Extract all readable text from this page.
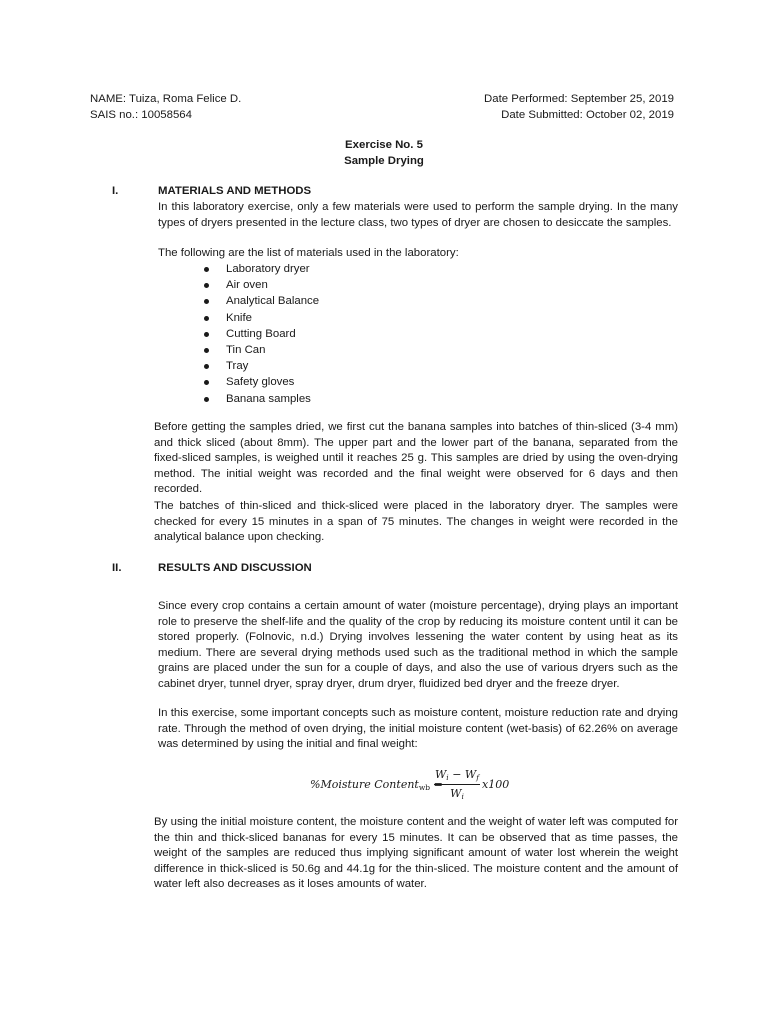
NAME: Tuiza, Roma Felice D.
SAIS no.: 10058564
Date Performed: September 25, 2019
Date Submitted: October 02, 2019
Exercise No. 5
Sample Drying
I.	MATERIALS AND METHODS

In this laboratory exercise, only a few materials were used to perform the sample drying. In the many types of dryers presented in the lecture class, two types of dryer are chosen to desiccate the samples.

The following are the list of materials used in the laboratory:
Laboratory dryer
Air oven
Analytical Balance
Knife
Cutting Board
Tin Can
Tray
Safety gloves
Banana samples

Before getting the samples dried, we first cut the banana samples into batches of thin-sliced (3-4 mm) and thick sliced (about 8mm). The upper part and the lower part of the banana, separated from the fixed-sliced samples, is weighed until it reaches 25 g. This samples are dried by using the oven-drying method. The initial weight was recorded and the final weight were observed for 6 days and then recorded.

The batches of thin-sliced and thick-sliced were placed in the laboratory dryer. The samples were checked for every 15 minutes in a span of 75 minutes. The changes in weight were recorded in the analytical balance upon checking.

II.	RESULTS AND DISCUSSION

Since every crop contains a certain amount of water (moisture percentage), drying plays an important role to preserve the shelf-life and the quality of the crop by reducing its moisture content until it can be stored properly. (Folnovic, n.d.) Drying involves lessening the water content by using heat as its medium. There are several drying methods used such as the traditional method in which the sample grains are placed under the sun for a couple of days, and also the use of various dryers such as the cabinet dryer, tunnel dryer, spray dryer, drum dryer, fluidized bed dryer and the freeze dryer.

In this exercise, some important concepts such as moisture content, moisture reduction rate and drying rate. Through the method of oven drying, the initial moisture content (wet-basis) of 62.26% on average was determined by using the initial and final weight:

%Moisture Content$_{wb}$
$W_i - W_f$
$W_i$
x100

By using the initial moisture content, the moisture content and the weight of water left was computed for the thin and thick-sliced bananas for every 15 minutes. It can be observed that as time passes, the weight of the samples are reduced thus implying significant amount of water lost wherein the weight difference in thick-sliced is 50.6g and 44.1g for the thin-sliced. The moisture content and the amount of water left also decreases as it loses amounts of water.
